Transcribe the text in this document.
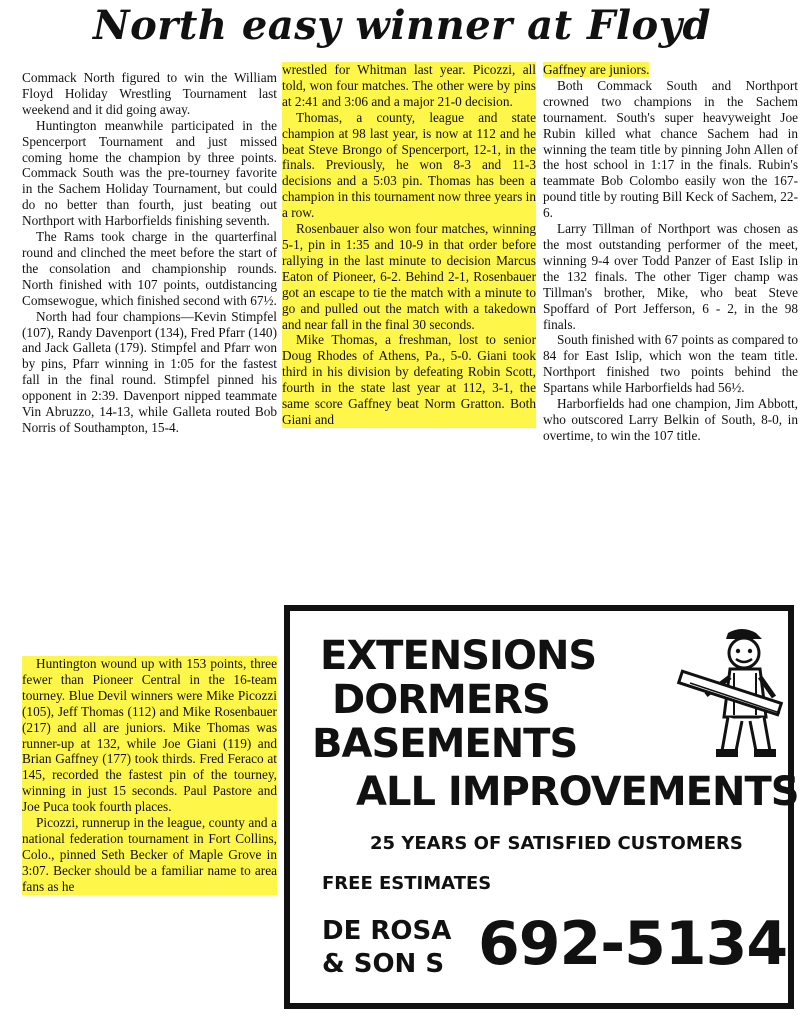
North easy winner at Floyd

Commack North figured to win the William Floyd Holiday Wrestling Tournament last weekend and it did going away.

Huntington meanwhile participated in the Spencerport Tournament and just missed coming home the champion by three points. Commack South was the pre-tourney favorite in the Sachem Holiday Tournament, but could do no better than fourth, just beating out Northport with Harborfields finishing seventh.

The Rams took charge in the quarterfinal round and clinched the meet before the start of the consolation and championship rounds. North finished with 107 points, outdistancing Comsewogue, which finished second with 67½.

North had four champions—Kevin Stimpfel (107), Randy Davenport (134), Fred Pfarr (140) and Jack Galleta (179). Stimpfel and Pfarr won by pins, Pfarr winning in 1:05 for the fastest fall in the final round. Stimpfel pinned his opponent in 2:39. Davenport nipped teammate Vin Abruzzo, 14-13, while Galleta routed Bob Norris of Southampton, 15-4.

Huntington wound up with 153 points, three fewer than Pioneer Central in the 16-team tourney. Blue Devil winners were Mike Picozzi (105), Jeff Thomas (112) and Mike Rosenbauer (217) and all are juniors. Mike Thomas was runner-up at 132, while Joe Giani (119) and Brian Gaffney (177) took thirds. Fred Feraco at 145, recorded the fastest pin of the tourney, winning in just 15 seconds. Paul Pastore and Joe Puca took fourth places.

Picozzi, runnerup in the league, county and a national federation tournament in Fort Collins, Colo., pinned Seth Becker of Maple Grove in 3:07. Becker should be a familiar name to area fans as he

wrestled for Whitman last year. Picozzi, all told, won four matches. The other were by pins at 2:41 and 3:06 and a major 21-0 decision.

Thomas, a county, league and state champion at 98 last year, is now at 112 and he beat Steve Brongo of Spencerport, 12-1, in the finals. Previously, he won 8-3 and 11-3 decisions and a 5:03 pin. Thomas has been a champion in this tournament now three years in a row.

Rosenbauer also won four matches, winning 5-1, pin in 1:35 and 10-9 in that order before rallying in the last minute to decision Marcus Eaton of Pioneer, 6-2. Behind 2-1, Rosenbauer got an escape to tie the match with a minute to go and pulled out the match with a takedown and near fall in the final 30 seconds.

Mike Thomas, a freshman, lost to senior Doug Rhodes of Athens, Pa., 5-0. Giani took third in his division by defeating Robin Scott, fourth in the state last year at 112, 3-1, the same score Gaffney beat Norm Gratton. Both Giani and

Gaffney are juniors.

Both Commack South and Northport crowned two champions in the Sachem tournament. South's super heavyweight Joe Rubin killed what chance Sachem had in winning the team title by pinning John Allen of the host school in 1:17 in the finals. Rubin's teammate Bob Colombo easily won the 167-pound title by routing Bill Keck of Sachem, 22-6.

Larry Tillman of Northport was chosen as the most outstanding performer of the meet, winning 9-4 over Todd Panzer of East Islip in the 132 finals. The other Tiger champ was Tillman's brother, Mike, who beat Steve Spoffard of Port Jefferson, 6 - 2, in the 98 finals.

South finished with 67 points as compared to 84 for East Islip, which won the team title. Northport finished two points behind the Spartans while Harborfields had 56½.

Harborfields had one champion, Jim Abbott, who outscored Larry Belkin of South, 8-0, in overtime, to win the 107 title.

EXTENSIONS
DORMERS
BASEMENTS
ALL IMPROVEMENTS
25 YEARS OF SATISFIED CUSTOMERS
FREE ESTIMATES
DE ROSA
& SON S 692-5134
